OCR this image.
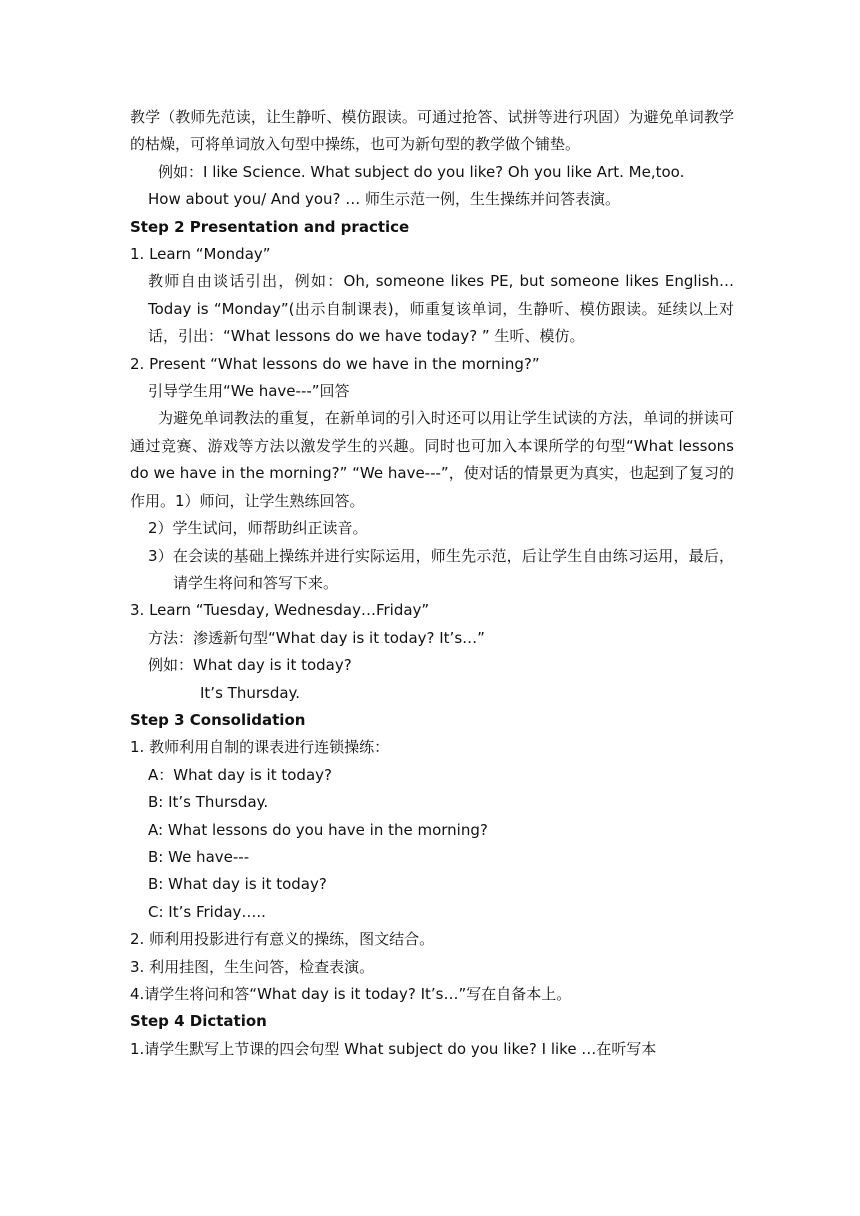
教学（教师先范读，让生静听、模仿跟读。可通过抢答、试拼等进行巩固）为避免单词教学的枯燥，可将单词放入句型中操练，也可为新句型的教学做个铺垫。

例如：I like Science. What subject do you like? Oh you like Art. Me,too.

How about you/ And you? … 师生示范一例，生生操练并问答表演。

Step 2 Presentation and practice

1. Learn “Monday”

教师自由谈话引出，例如：Oh, someone likes PE, but someone likes English…Today is “Monday”(出示自制课表)，师重复该单词，生静听、模仿跟读。延续以上对话，引出：“What lessons do we have today? ” 生听、模仿。

2. Present “What lessons do we have in the morning?”

引导学生用“We have---”回答

为避免单词教法的重复，在新单词的引入时还可以用让学生试读的方法，单词的拼读可通过竞赛、游戏等方法以激发学生的兴趣。同时也可加入本课所学的句型“What lessons do we have in the morning?” “We have---”，使对话的情景更为真实，也起到了复习的作用。1）师问，让学生熟练回答。

2）学生试问，师帮助纠正读音。

3）在会读的基础上操练并进行实际运用，师生先示范，后让学生自由练习运用，最后，请学生将问和答写下来。

3. Learn “Tuesday, Wednesday…Friday”

方法：渗透新句型“What day is it today? It’s…”

例如：What day is it today?

It’s Thursday.

Step 3 Consolidation

1. 教师利用自制的课表进行连锁操练：

A：What day is it today?

B: It’s Thursday.

A: What lessons do you have in the morning?

B: We have---

B: What day is it today?

C: It’s Friday…..

2. 师利用投影进行有意义的操练，图文结合。

3. 利用挂图，生生问答，检查表演。

4.请学生将问和答“What day is it today? It’s…”写在自备本上。

Step 4 Dictation

1.请学生默写上节课的四会句型 What subject do you like? I like …在听写本
